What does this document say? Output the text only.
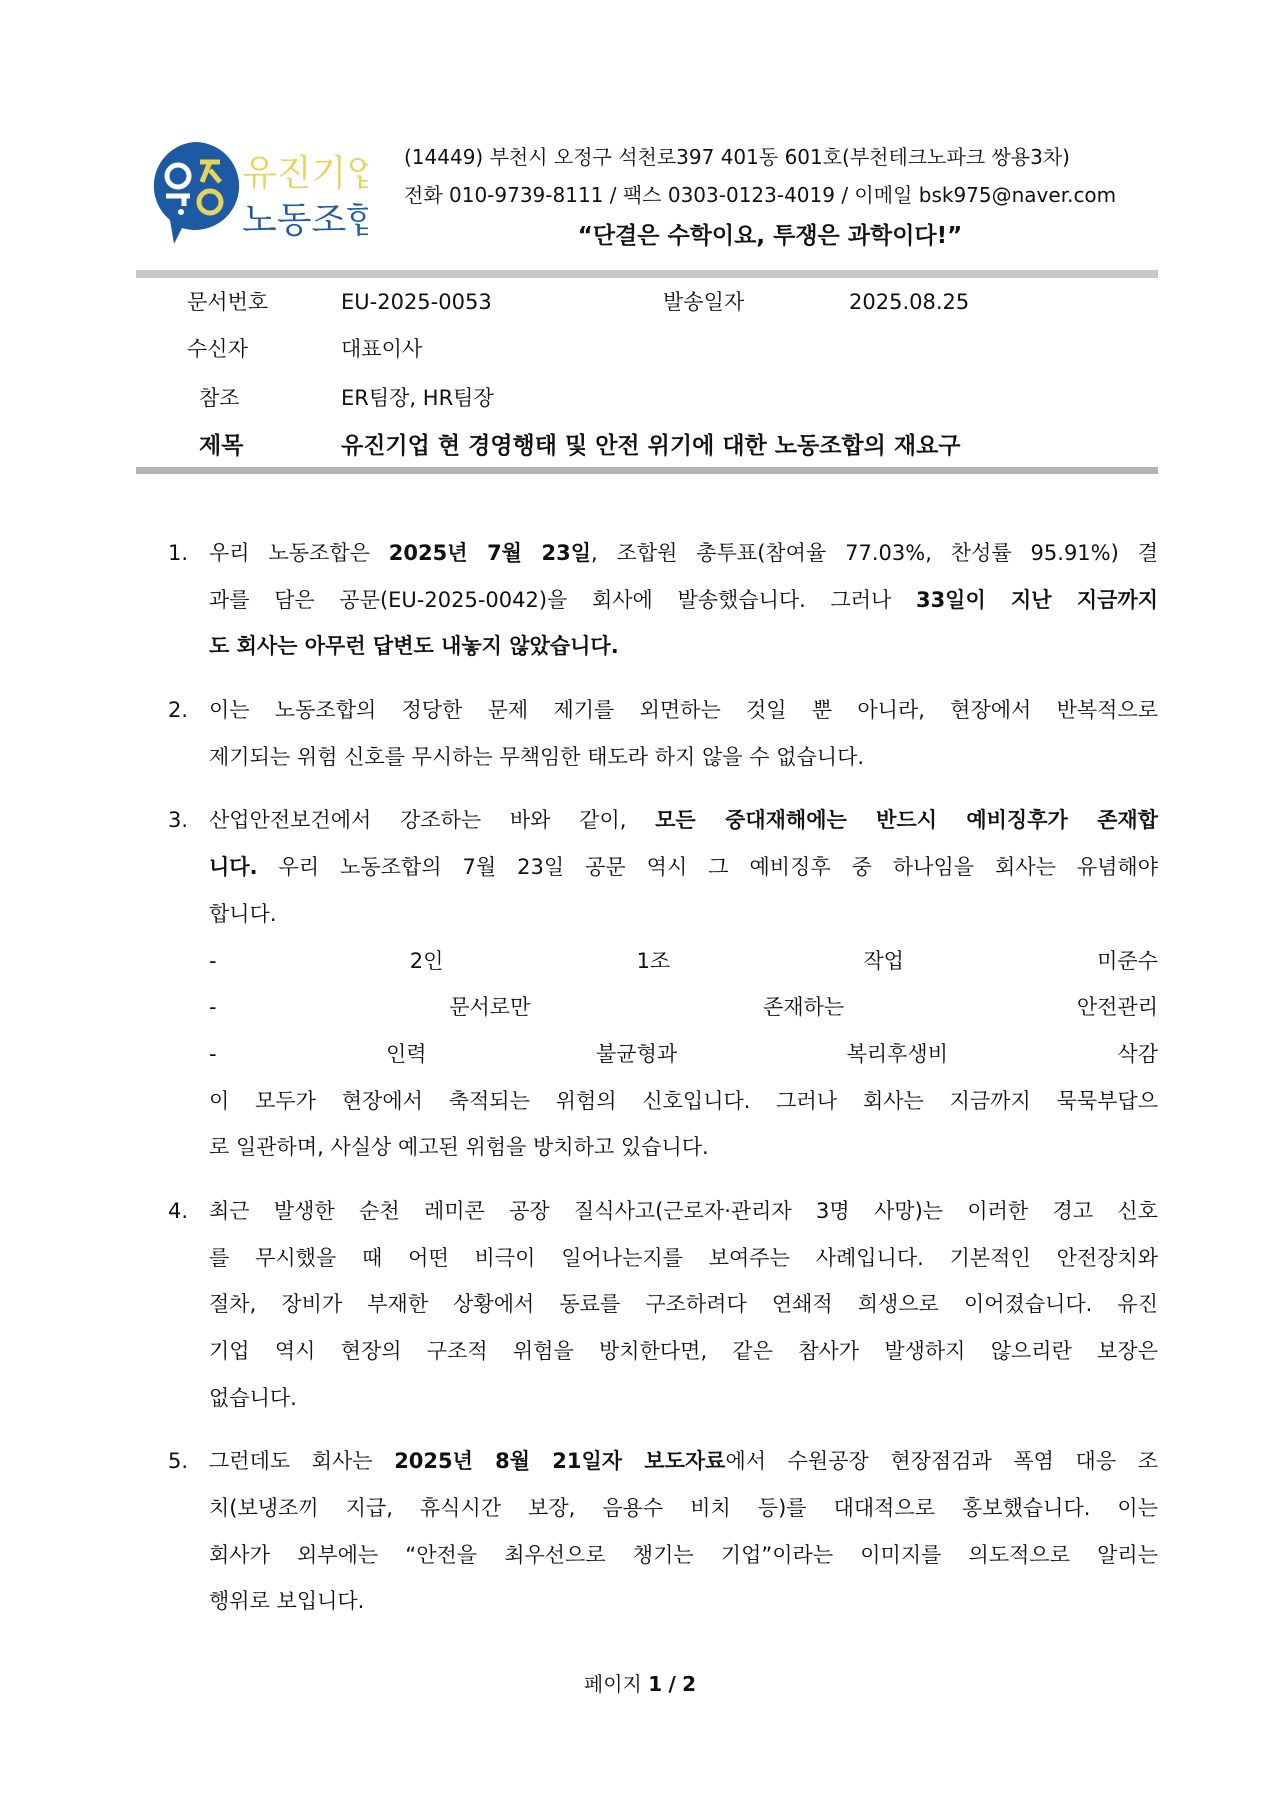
유진기업
노동조합
(14449) 부천시 오정구 석천로397 401동 601호(부천테크노파크 쌍용3차)
전화 010-9739-8111 / 팩스 0303-0123-4019 / 이메일 bsk975@naver.com
“단결은 수학이요, 투쟁은 과학이다!”
문서번호	EU-2025-0053	발송일자	2025.08.25
수신자	대표이사
참조	ER팀장, HR팀장
제목	유진기업 현 경영행태 및 안전 위기에 대한 노동조합의 재요구
1. 우리 노동조합은 2025년 7월 23일, 조합원 총투표(참여율 77.03%, 찬성률 95.91%) 결
과를 담은 공문(EU-2025-0042)을 회사에 발송했습니다. 그러나 33일이 지난 지금까지
도 회사는 아무런 답변도 내놓지 않았습니다.
2. 이는 노동조합의 정당한 문제 제기를 외면하는 것일 뿐 아니라, 현장에서 반복적으로
제기되는 위험 신호를 무시하는 무책임한 태도라 하지 않을 수 없습니다.
3. 산업안전보건에서 강조하는 바와 같이, 모든 중대재해에는 반드시 예비징후가 존재합
니다. 우리 노동조합의 7월 23일 공문 역시 그 예비징후 중 하나임을 회사는 유념해야
합니다.
- 2인 1조 작업 미준수
- 문서로만 존재하는 안전관리
- 인력 불균형과 복리후생비 삭감
이 모두가 현장에서 축적되는 위험의 신호입니다. 그러나 회사는 지금까지 묵묵부답으
로 일관하며, 사실상 예고된 위험을 방치하고 있습니다.
4. 최근 발생한 순천 레미콘 공장 질식사고(근로자·관리자 3명 사망)는 이러한 경고 신호
를 무시했을 때 어떤 비극이 일어나는지를 보여주는 사례입니다. 기본적인 안전장치와
절차, 장비가 부재한 상황에서 동료를 구조하려다 연쇄적 희생으로 이어졌습니다. 유진
기업 역시 현장의 구조적 위험을 방치한다면, 같은 참사가 발생하지 않으리란 보장은
없습니다.
5. 그런데도 회사는 2025년 8월 21일자 보도자료에서 수원공장 현장점검과 폭염 대응 조
치(보냉조끼 지급, 휴식시간 보장, 음용수 비치 등)를 대대적으로 홍보했습니다. 이는
회사가 외부에는 “안전을 최우선으로 챙기는 기업”이라는 이미지를 의도적으로 알리는
행위로 보입니다.
페이지 1 / 2
